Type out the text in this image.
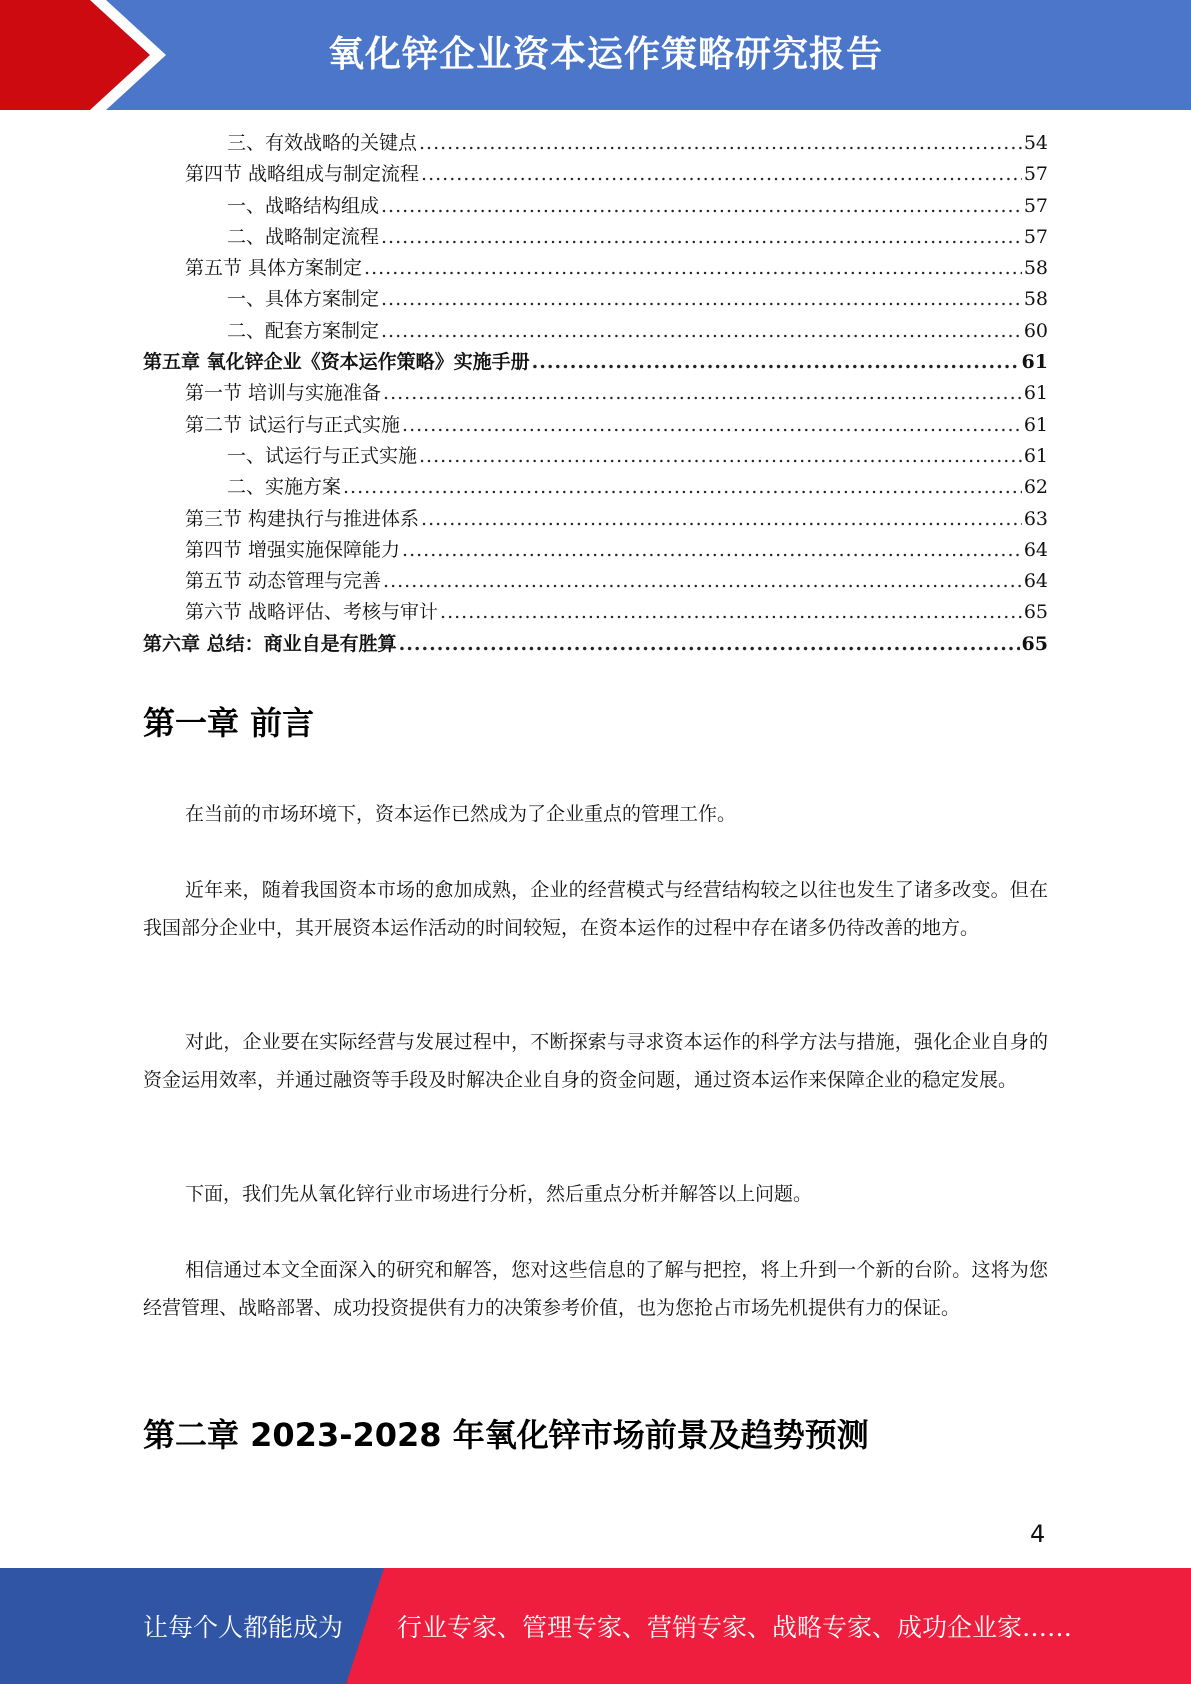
氧化锌企业资本运作策略研究报告
三、有效战略的关键点 .....	54
第四节 战略组成与制定流程 .....	57
一、战略结构组成 .....	57
二、战略制定流程 .....	57
第五节 具体方案制定 .....	58
一、具体方案制定 .....	58
二、配套方案制定 .....	60
第五章 氧化锌企业《资本运作策略》实施手册 .....	61
第一节 培训与实施准备 .....	61
第二节 试运行与正式实施 .....	61
一、试运行与正式实施 .....	61
二、实施方案 .....	62
第三节 构建执行与推进体系 .....	63
第四节 增强实施保障能力 .....	64
第五节 动态管理与完善 .....	64
第六节 战略评估、考核与审计 .....	65
第六章 总结：商业自是有胜算 .....	65
第一章 前言
在当前的市场环境下，资本运作已然成为了企业重点的管理工作。
近年来，随着我国资本市场的愈加成熟，企业的经营模式与经营结构较之以往也发生了诸多改变。但在我国部分企业中，其开展资本运作活动的时间较短，在资本运作的过程中存在诸多仍待改善的地方。
对此，企业要在实际经营与发展过程中，不断探索与寻求资本运作的科学方法与措施，强化企业自身的资金运用效率，并通过融资等手段及时解决企业自身的资金问题，通过资本运作来保障企业的稳定发展。
下面，我们先从氧化锌行业市场进行分析，然后重点分析并解答以上问题。
相信通过本文全面深入的研究和解答，您对这些信息的了解与把控，将上升到一个新的台阶。这将为您经营管理、战略部署、成功投资提供有力的决策参考价值，也为您抢占市场先机提供有力的保证。
第二章 2023-2028 年氧化锌市场前景及趋势预测
4
让每个人都能成为 行业专家、管理专家、营销专家、战略专家、成功企业家……
